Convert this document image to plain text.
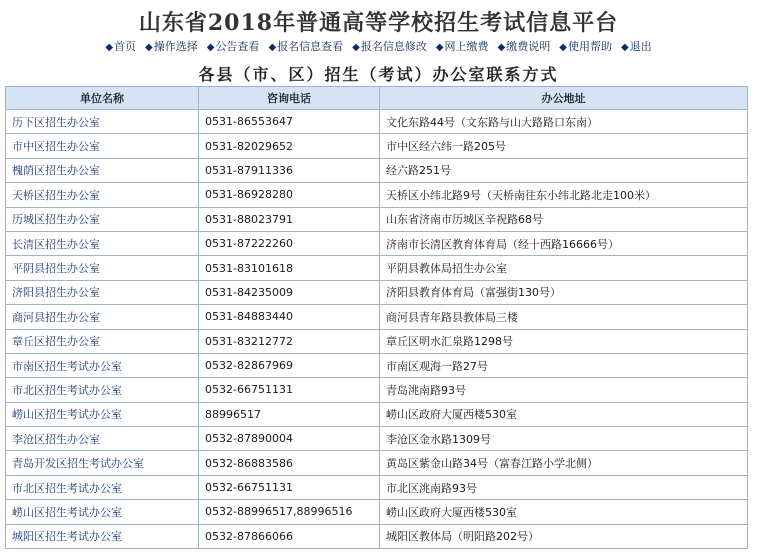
山东省2018年普通高等学校招生考试信息平台
◆首页 ◆操作选择 ◆公告查看 ◆报名信息查看 ◆报名信息修改 ◆网上缴费 ◆缴费说明 ◆使用帮助 ◆退出
各县（市、区）招生（考试）办公室联系方式
单位名称	咨询电话	办公地址
历下区招生办公室	0531-86553647	文化东路44号（文东路与山大路路口东南）
市中区招生办公室	0531-82029652	市中区经六纬一路205号
槐荫区招生办公室	0531-87911336	经六路251号
天桥区招生办公室	0531-86928280	天桥区小纬北路9号（天桥南往东小纬北路北走100米）
历城区招生办公室	0531-88023791	山东省济南市历城区辛祝路68号
长清区招生办公室	0531-87222260	济南市长清区教育体育局（经十西路16666号）
平阴县招生办公室	0531-83101618	平阴县教体局招生办公室
济阳县招生办公室	0531-84235009	济阳县教育体育局（富强街130号）
商河县招生办公室	0531-84883440	商河县青年路县教体局三楼
章丘区招生办公室	0531-83212772	章丘区明水汇泉路1298号
市南区招生考试办公室	0532-82867969	市南区观海一路27号
市北区招生考试办公室	0532-66751131	青岛洮南路93号
崂山区招生考试办公室	88996517	崂山区政府大厦西楼530室
李沧区招生办公室	0532-87890004	李沧区金水路1309号
青岛开发区招生考试办公室	0532-86883586	黄岛区紫金山路34号（富春江路小学北侧）
市北区招生考试办公室	0532-66751131	市北区洮南路93号
崂山区招生考试办公室	0532-88996517,88996516	崂山区政府大厦西楼530室
城阳区招生考试办公室	0532-87866066	城阳区教体局（明阳路202号）
